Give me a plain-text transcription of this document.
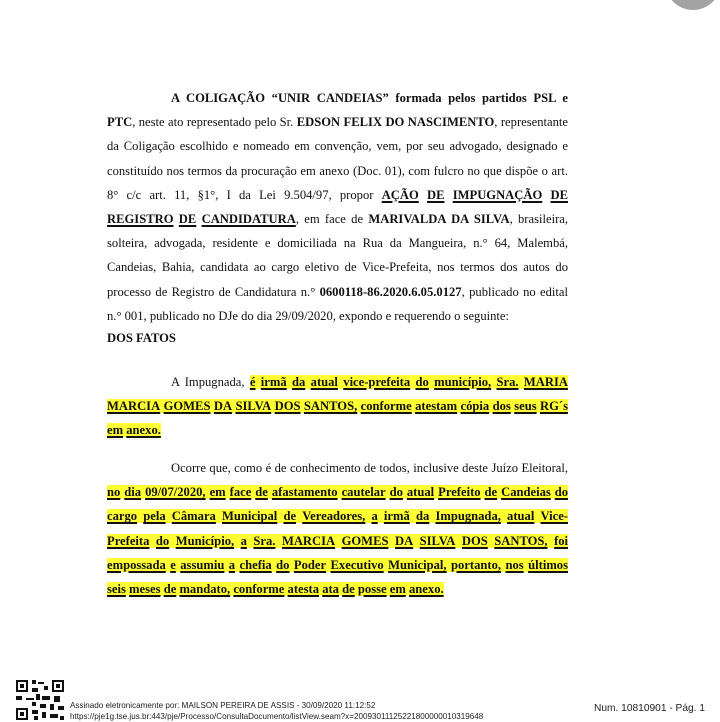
A COLIGAÇÃO “UNIR CANDEIAS” formada pelos partidos PSL e PTC, neste ato representado pelo Sr. EDSON FELIX DO NASCIMENTO, representante da Coligação escolhido e nomeado em convenção, vem, por seu advogado, designado e constituído nos termos da procuração em anexo (Doc. 01), com fulcro no que dispõe o art. 8° c/c art. 11, §1°, I da Lei 9.504/97, propor AÇÃO DE IMPUGNAÇÃO DE REGISTRO DE CANDIDATURA, em face de MARIVALDA DA SILVA, brasileira, solteira, advogada, residente e domiciliada na Rua da Mangueira, n.° 64, Malembá, Candeias, Bahia, candidata ao cargo eletivo de Vice-Prefeita, nos termos dos autos do processo de Registro de Candidatura n.° 0600118-86.2020.6.05.0127, publicado no edital n.° 001, publicado no DJe do dia 29/09/2020, expondo e requerendo o seguinte:

DOS FATOS

A Impugnada, é irmã da atual vice-prefeita do município, Sra. MARIA MARCIA GOMES DA SILVA DOS SANTOS, conforme atestam cópia dos seus RG´s em anexo.

Ocorre que, como é de conhecimento de todos, inclusive deste Juízo Eleitoral, no dia 09/07/2020, em face de afastamento cautelar do atual Prefeito de Candeias do cargo pela Câmara Municipal de Vereadores, a irmã da Impugnada, atual Vice-Prefeita do Município, a Sra. MARCIA GOMES DA SILVA DOS SANTOS, foi empossada e assumiu a chefia do Poder Executivo Municipal, portanto, nos últimos seis meses de mandato, conforme atesta ata de posse em anexo.

Assinado eletronicamente por: MAILSON PEREIRA DE ASSIS - 30/09/2020 11:12:52
https://pje1g.tse.jus.br:443/pje/Processo/ConsultaDocumento/listView.seam?x=20093011125221800000010319648
Num. 10810901 - Pág. 1
